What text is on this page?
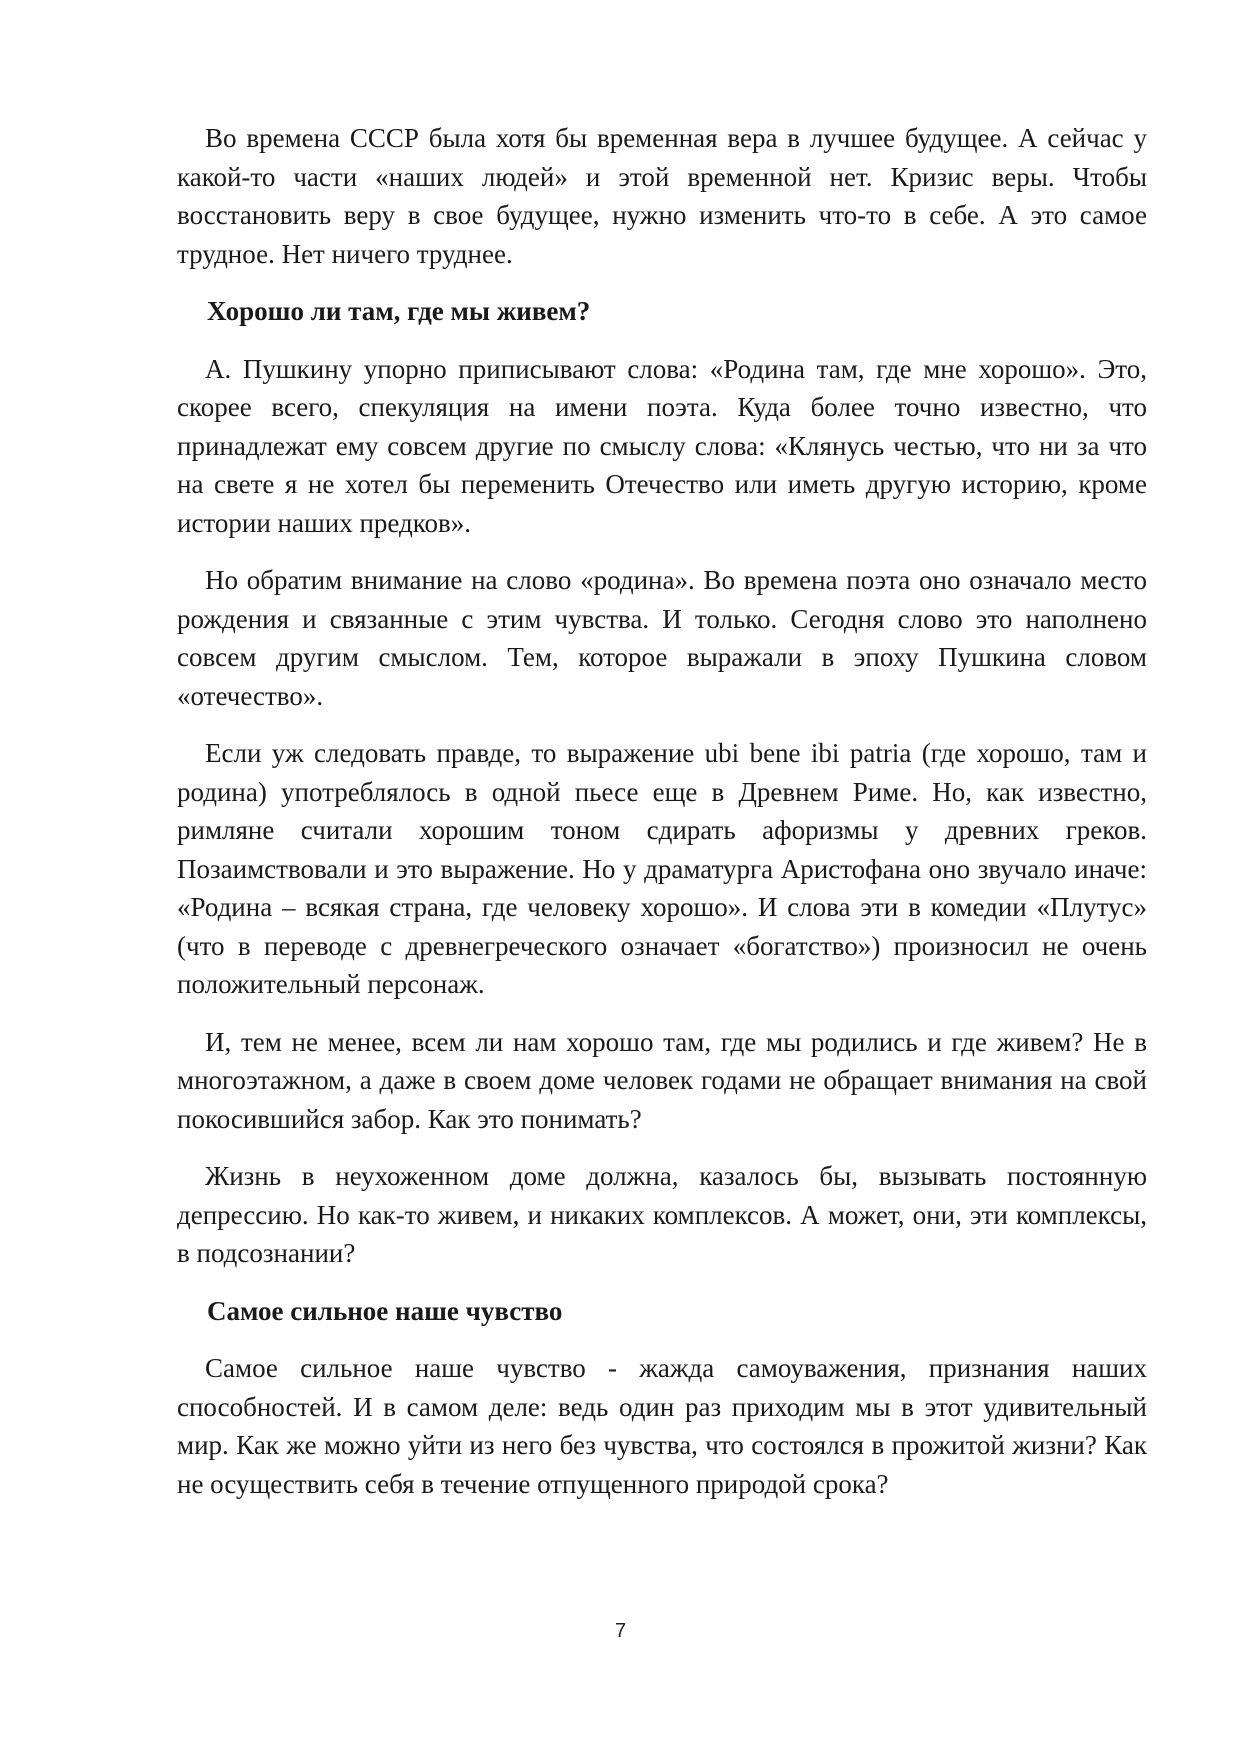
Во времена СССР была хотя бы временная вера в лучшее будущее. А сейчас у какой-то части «наших людей» и этой временной нет. Кризис веры. Чтобы восстановить веру в свое будущее, нужно изменить что-то в себе. А это самое трудное. Нет ничего труднее.

Хорошо ли там, где мы живем?

А. Пушкину упорно приписывают слова: «Родина там, где мне хорошо». Это, скорее всего, спекуляция на имени поэта. Куда более точно известно, что принадлежат ему совсем другие по смыслу слова: «Клянусь честью, что ни за что на свете я не хотел бы переменить Отечество или иметь другую историю, кроме истории наших предков».

Но обратим внимание на слово «родина». Во времена поэта оно означало место рождения и связанные с этим чувства. И только. Сегодня слово это наполнено совсем другим смыслом. Тем, которое выражали в эпоху Пушкина словом «отечество».

Если уж следовать правде, то выражение ubi bene ibi patria (где хорошо, там и родина) употреблялось в одной пьесе еще в Древнем Риме. Но, как известно, римляне считали хорошим тоном сдирать афоризмы у древних греков. Позаимствовали и это выражение. Но у драматурга Аристофана оно звучало иначе: «Родина – всякая страна, где человеку хорошо». И слова эти в комедии «Плутус» (что в переводе с древнегреческого означает «богатство») произносил не очень положительный персонаж.

И, тем не менее, всем ли нам хорошо там, где мы родились и где живем? Не в многоэтажном, а даже в своем доме человек годами не обращает внимания на свой покосившийся забор. Как это понимать?

Жизнь в неухоженном доме должна, казалось бы, вызывать постоянную депрессию. Но как-то живем, и никаких комплексов. А может, они, эти комплексы, в подсознании?

Самое сильное наше чувство

Самое сильное наше чувство - жажда самоуважения, признания наших способностей. И в самом деле: ведь один раз приходим мы в этот удивительный мир. Как же можно уйти из него без чувства, что состоялся в прожитой жизни? Как не осуществить себя в течение отпущенного природой срока?

7
